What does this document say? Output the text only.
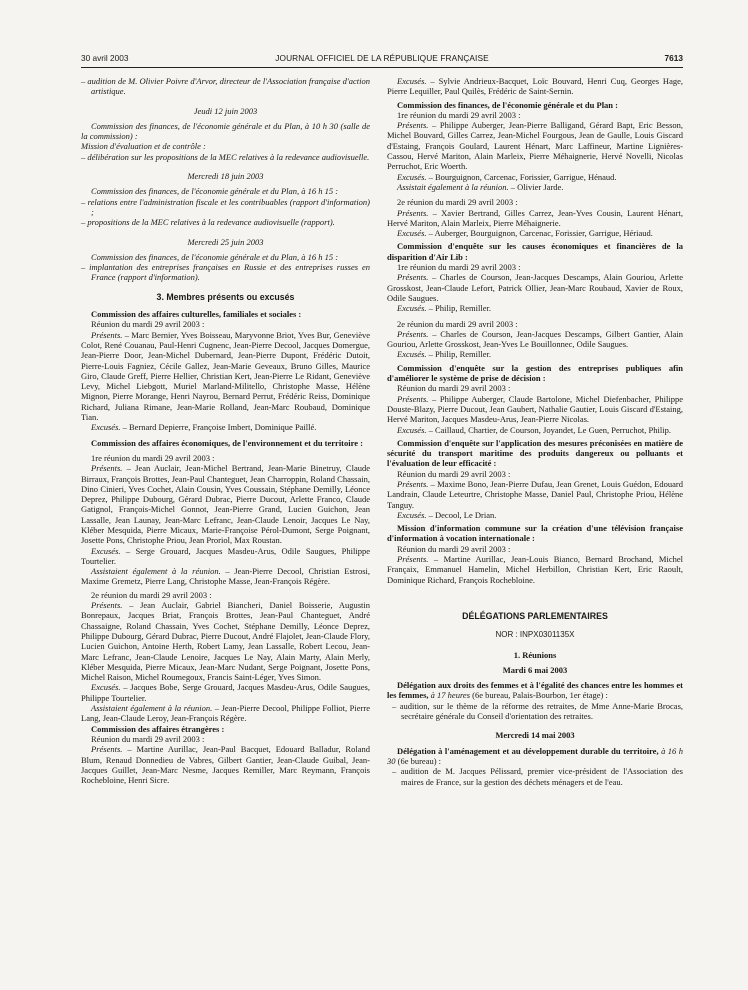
30 avril 2003	JOURNAL OFFICIEL DE LA RÉPUBLIQUE FRANÇAISE	7613

– audition de M. Olivier Poivre d'Arvor, directeur de l'Association française d'action artistique.

Jeudi 12 juin 2003

Commission des finances, de l'économie générale et du Plan, à 10 h 30 (salle de la commission) :

Mission d'évaluation et de contrôle :

– délibération sur les propositions de la MEC relatives à la redevance audiovisuelle.

Mercredi 18 juin 2003

Commission des finances, de l'économie générale et du Plan, à 16 h 15 :

– relations entre l'administration fiscale et les contribuables (rapport d'information) ;

– propositions de la MEC relatives à la redevance audiovisuelle (rapport).

Mercredi 25 juin 2003

Commission des finances, de l'économie générale et du Plan, à 16 h 15 :

– implantation des entreprises françaises en Russie et des entreprises russes en France (rapport d'information).

3. Membres présents ou excusés

Commission des affaires culturelles, familiales et sociales :

Réunion du mardi 29 avril 2003 :

Présents. – Marc Bernier, Yves Boisseau, Maryvonne Briot, Yves Bur, Geneviève Colot, René Couanau, Paul-Henri Cugnenc, Jean-Pierre Decool, Jacques Domergue, Jean-Pierre Door, Jean-Michel Dubernard, Jean-Pierre Dupont, Frédéric Dutoit, Pierre-Louis Fagniez, Cécile Gallez, Jean-Marie Geveaux, Bruno Gilles, Maurice Giro, Claude Greff, Pierre Hellier, Christian Kert, Jean-Pierre Le Ridant, Geneviève Levy, Michel Liebgott, Muriel Marland-Militello, Christophe Masse, Hélène Mignon, Pierre Morange, Henri Nayrou, Bernard Perrut, Frédéric Reiss, Dominique Richard, Juliana Rimane, Jean-Marie Rolland, Jean-Marc Roubaud, Dominique Tian.

Excusés. – Bernard Depierre, Françoise Imbert, Dominique Paillé.

Commission des affaires économiques, de l'environnement et du territoire :

1re réunion du mardi 29 avril 2003 :

Présents. – Jean Auclair, Jean-Michel Bertrand, Jean-Marie Binetruy, Claude Birraux, François Brottes, Jean-Paul Chanteguet, Jean Charroppin, Roland Chassain, Dino Cinieri, Yves Cochet, Alain Cousin, Yves Coussain, Stéphane Demilly, Léonce Deprez, Philippe Dubourg, Gérard Dubrac, Pierre Ducout, Arlette Franco, Claude Gatignol, François-Michel Gonnot, Jean-Pierre Grand, Lucien Guichon, Jean Lassalle, Jean Launay, Jean-Marc Lefranc, Jean-Claude Lenoir, Jacques Le Nay, Kléber Mesquida, Pierre Micaux, Marie-Françoise Pérol-Dumont, Serge Poignant, Josette Pons, Christophe Priou, Jean Proriol, Max Roustan.

Excusés. – Serge Grouard, Jacques Masdeu-Arus, Odile Saugues, Philippe Tourtelier.

Assistaient également à la réunion. – Jean-Pierre Decool, Christian Estrosi, Maxime Gremetz, Pierre Lang, Christophe Masse, Jean-François Régère.

2e réunion du mardi 29 avril 2003 :

Présents. – Jean Auclair, Gabriel Biancheri, Daniel Boisserie, Augustin Bonrepaux, Jacques Briat, François Brottes, Jean-Paul Chanteguet, André Chassaigne, Roland Chassain, Yves Cochet, Stéphane Demilly, Léonce Deprez, Philippe Dubourg, Gérard Dubrac, Pierre Ducout, André Flajolet, Jean-Claude Flory, Lucien Guichon, Antoine Herth, Robert Lamy, Jean Lassalle, Robert Lecou, Jean-Marc Lefranc, Jean-Claude Lenoire, Jacques Le Nay, Alain Marty, Alain Merly, Kléber Mesquida, Pierre Micaux, Jean-Marc Nudant, Serge Poignant, Josette Pons, Michel Raison, Michel Roumegoux, Francis Saint-Léger, Yves Simon.

Excusés. – Jacques Bobe, Serge Grouard, Jacques Masdeu-Arus, Odile Saugues, Philippe Tourtelier.

Assistaient également à la réunion. – Jean-Pierre Decool, Philippe Folliot, Pierre Lang, Jean-Claude Leroy, Jean-François Régère.

Commission des affaires étrangères :

Réunion du mardi 29 avril 2003 :

Présents. – Martine Aurillac, Jean-Paul Bacquet, Edouard Balladur, Roland Blum, Renaud Donnedieu de Vabres, Gilbert Gantier, Jean-Claude Guibal, Jean-Jacques Guillet, Jean-Marc Nesme, Jacques Remiller, Marc Reymann, François Rochebloine, Henri Sicre.

Excusés. – Sylvie Andrieux-Bacquet, Loïc Bouvard, Henri Cuq, Georges Hage, Pierre Lequiller, Paul Quilès, Frédéric de Saint-Sernin.

Commission des finances, de l'économie générale et du Plan :

1re réunion du mardi 29 avril 2003 :

Présents. – Philippe Auberger, Jean-Pierre Balligand, Gérard Bapt, Eric Besson, Michel Bouvard, Gilles Carrez, Jean-Michel Fourgous, Jean de Gaulle, Louis Giscard d'Estaing, François Goulard, Laurent Hénart, Marc Laffineur, Martine Lignières-Cassou, Hervé Mariton, Alain Marleix, Pierre Méhaignerie, Hervé Novelli, Nicolas Perruchot, Eric Woerth.

Excusés. – Bourguignon, Carcenac, Forissier, Garrigue, Hénaud.

Assistait également à la réunion. – Olivier Jarde.

2e réunion du mardi 29 avril 2003 :

Présents. – Xavier Bertrand, Gilles Carrez, Jean-Yves Cousin, Laurent Hénart, Hervé Mariton, Alain Marleix, Pierre Méhaignerie.

Excusés. – Auberger, Bourguignon, Carcenac, Forissier, Garrigue, Hériaud.

Commission d'enquête sur les causes économiques et financières de la disparition d'Air Lib :

1re réunion du mardi 29 avril 2003 :

Présents. – Charles de Courson, Jean-Jacques Descamps, Alain Gouriou, Arlette Grosskost, Jean-Claude Lefort, Patrick Ollier, Jean-Marc Roubaud, Xavier de Roux, Odile Saugues.

Excusés. – Philip, Remiller.

2e réunion du mardi 29 avril 2003 :

Présents. – Charles de Courson, Jean-Jacques Descamps, Gilbert Gantier, Alain Gouriou, Arlette Grosskost, Jean-Yves Le Bouillonnec, Odile Saugues.

Excusés. – Philip, Remiller.

Commission d'enquête sur la gestion des entreprises publiques afin d'améliorer le système de prise de décision :

Réunion du mardi 29 avril 2003 :

Présents. – Philippe Auberger, Claude Bartolone, Michel Diefenbacher, Philippe Douste-Blazy, Pierre Ducout, Jean Gaubert, Nathalie Gautier, Louis Giscard d'Estaing, Hervé Mariton, Jacques Masdeu-Arus, Jean-Pierre Nicolas.

Excusés. – Caillaud, Chartier, de Courson, Joyandet, Le Guen, Perruchot, Philip.

Commission d'enquête sur l'application des mesures préconisées en matière de sécurité du transport maritime des produits dangereux ou polluants et l'évaluation de leur efficacité :

Réunion du mardi 29 avril 2003 :

Présents. – Maxime Bono, Jean-Pierre Dufau, Jean Grenet, Louis Guédon, Edouard Landrain, Claude Leteurtre, Christophe Masse, Daniel Paul, Christophe Priou, Hélène Tanguy.

Excusés. – Decool, Le Drian.

Mission d'information commune sur la création d'une télévision française d'information à vocation internationale :

Réunion du mardi 29 avril 2003 :

Présents. – Martine Aurillac, Jean-Louis Bianco, Bernard Brochand, Michel Françaix, Emmanuel Hamelin, Michel Herbillon, Christian Kert, Eric Raoult, Dominique Richard, François Rochebloine.

DÉLÉGATIONS PARLEMENTAIRES

NOR : INPX0301135X

1. Réunions

Mardi 6 mai 2003

Délégation aux droits des femmes et à l'égalité des chances entre les hommes et les femmes, à 17 heures (6e bureau, Palais-Bourbon, 1er étage) :

– audition, sur le thème de la réforme des retraites, de Mme Anne-Marie Brocas, secrétaire générale du Conseil d'orientation des retraites.

Mercredi 14 mai 2003

Délégation à l'aménagement et au développement durable du territoire, à 16 h 30 (6e bureau) :

– audition de M. Jacques Pélissard, premier vice-président de l'Association des maires de France, sur la gestion des déchets ménagers et de l'eau.
